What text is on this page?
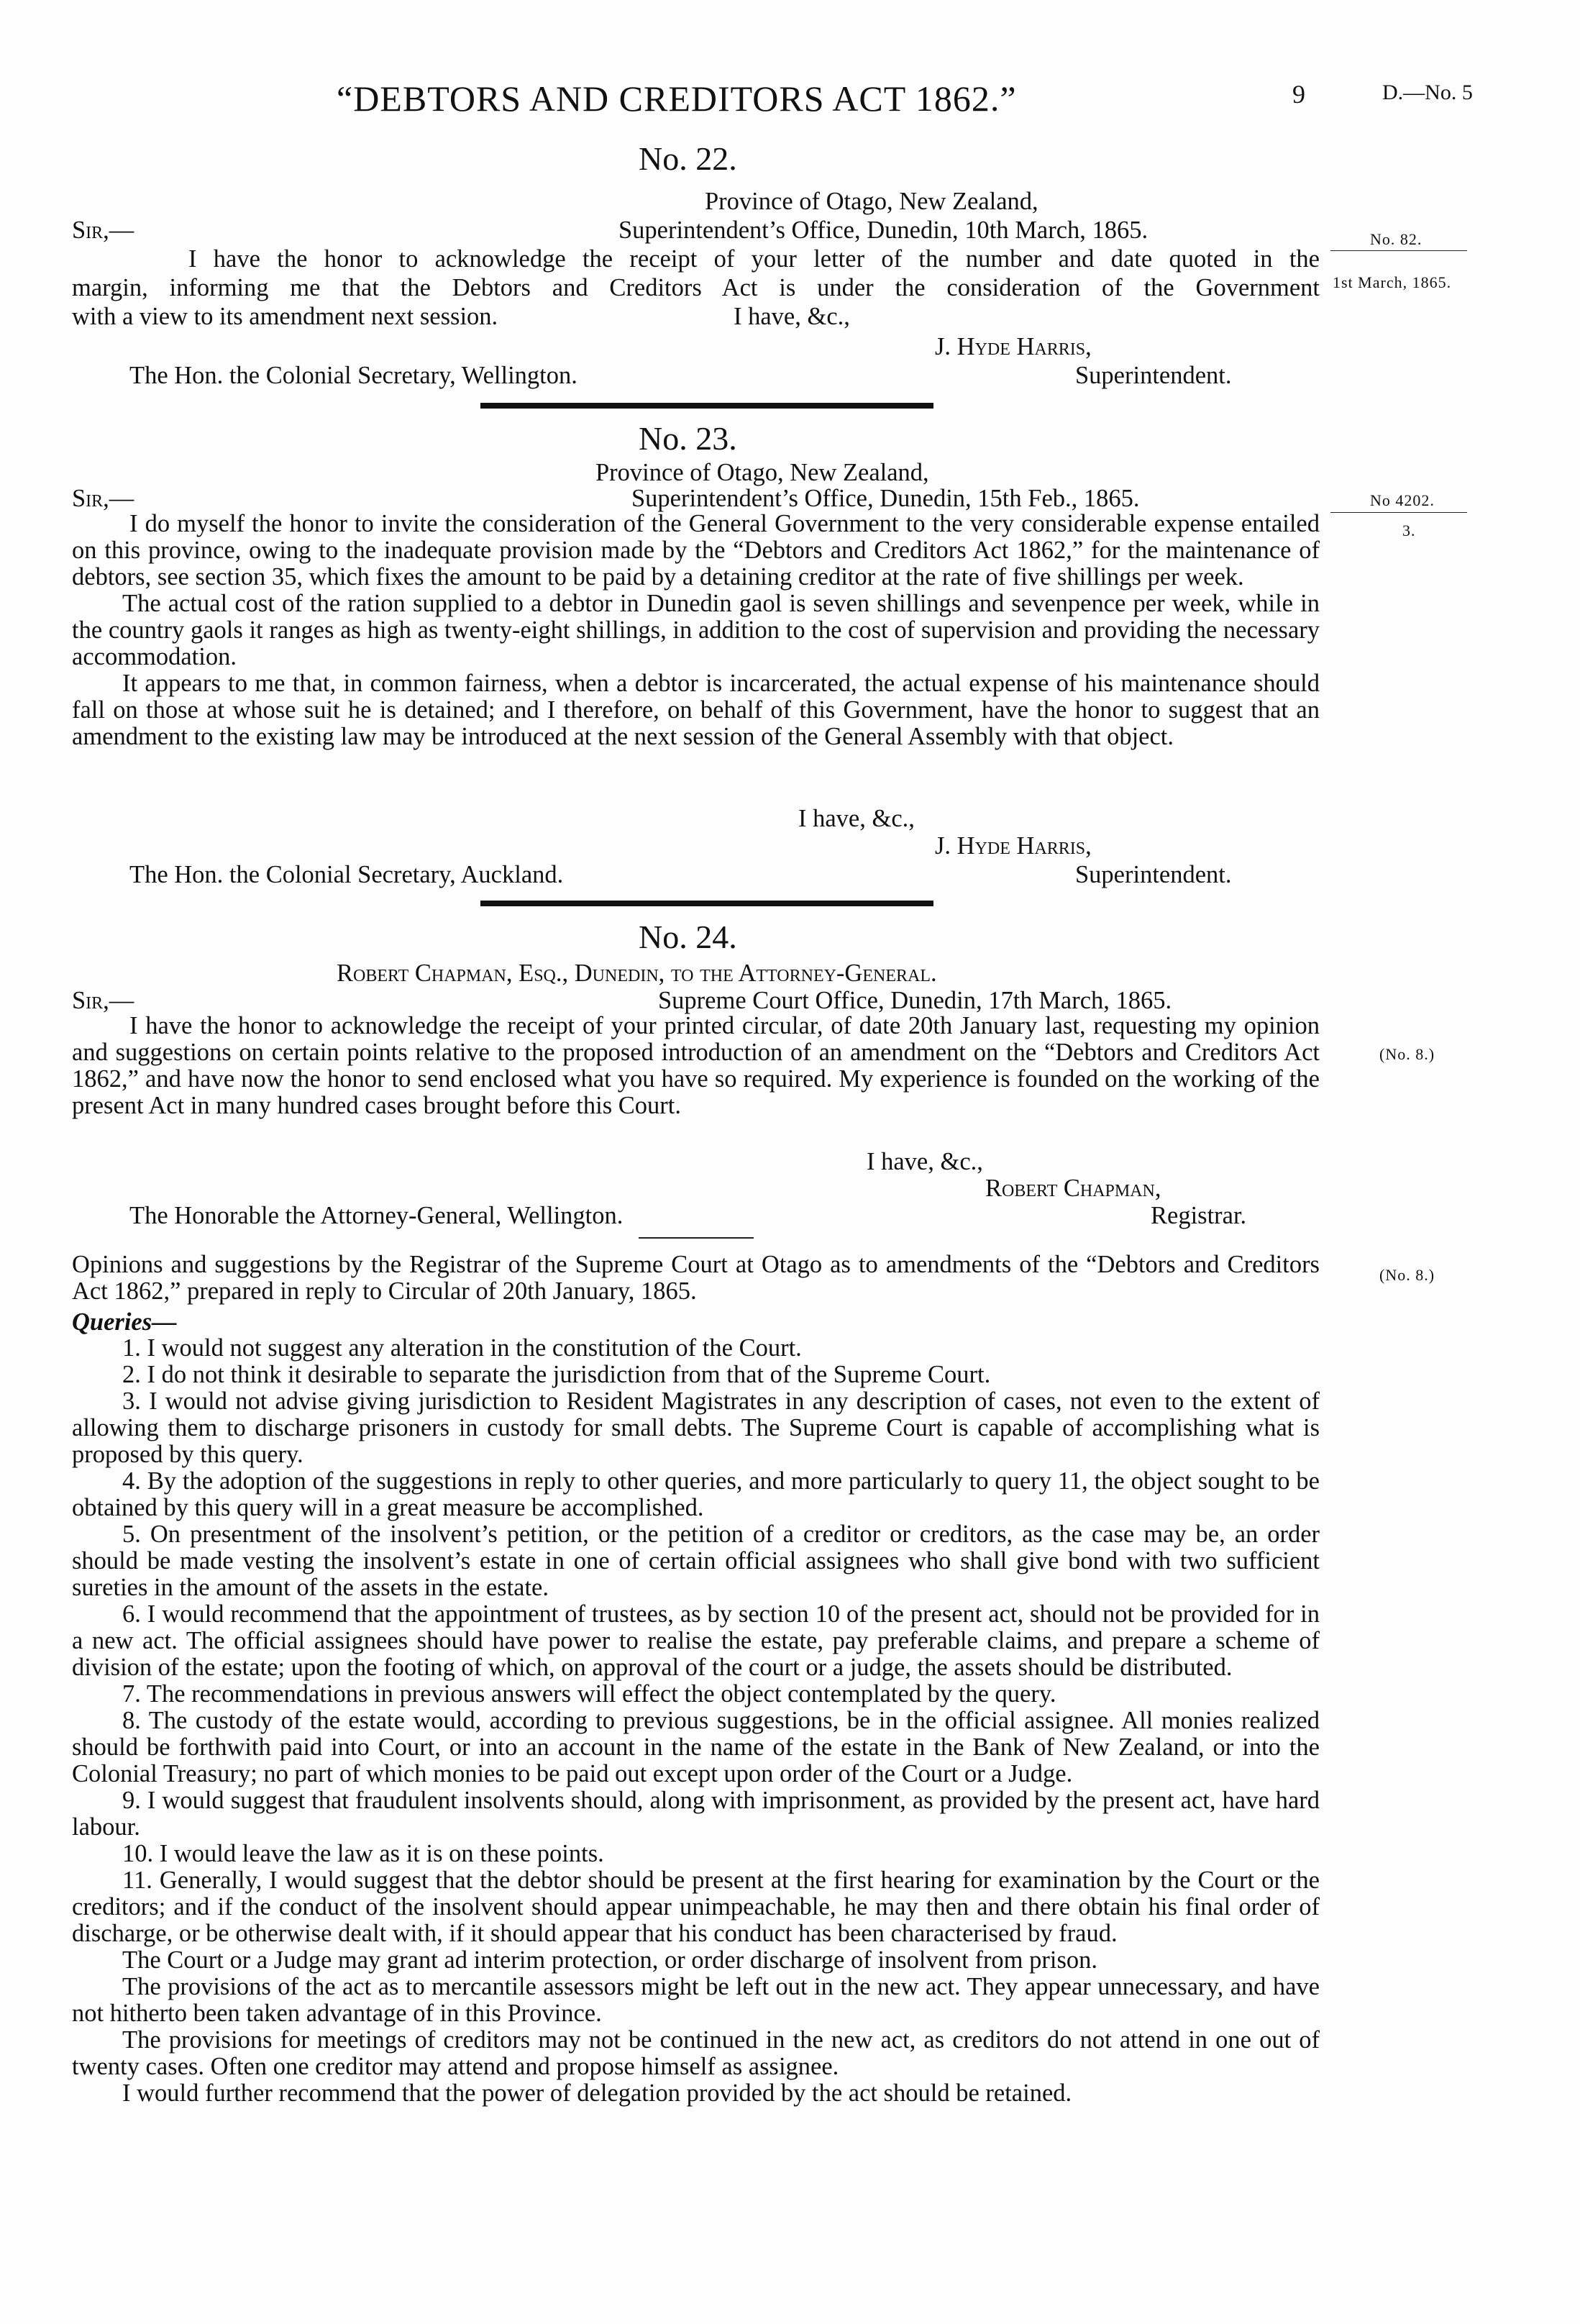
“DEBTORS AND CREDITORS ACT 1862.”	9	D.—No. 5
No. 22.
Province of Otago, New Zealand,
Sir,—	Superintendent’s Office, Dunedin, 10th March, 1865.	No. 82.
1st March, 1865.
I have the honor to acknowledge the receipt of your letter of the number and date quoted in the
margin, informing me that the Debtors and Creditors Act is under the consideration of the Government
with a view to its amendment next session.	I have, &c.,
J. Hyde Harris,
The Hon. the Colonial Secretary, Wellington.	Superintendent.
No. 23.
Province of Otago, New Zealand,
Sir,—	Superintendent’s Office, Dunedin, 15th Feb., 1865.	No 4202.
3.

I do myself the honor to invite the consideration of the General Government to the very considerable expense entailed on this province, owing to the inadequate provision made by the “Debtors and Creditors Act 1862,” for the maintenance of debtors, see section 35, which fixes the amount to be paid by a detaining creditor at the rate of five shillings per week.

The actual cost of the ration supplied to a debtor in Dunedin gaol is seven shillings and sevenpence per week, while in the country gaols it ranges as high as twenty-eight shillings, in addition to the cost of supervision and providing the necessary accommodation.

It appears to me that, in common fairness, when a debtor is incarcerated, the actual expense of his maintenance should fall on those at whose suit he is detained; and I therefore, on behalf of this Government, have the honor to suggest that an amendment to the existing law may be introduced at the next session of the General Assembly with that object.

I have, &c.,
J. Hyde Harris,
The Hon. the Colonial Secretary, Auckland.	Superintendent.
No. 24.
Robert Chapman, Esq., Dunedin, to the Attorney-General.
Sir,—	Supreme Court Office, Dunedin, 17th March, 1865.
(No. 8.)

I have the honor to acknowledge the receipt of your printed circular, of date 20th January last, requesting my opinion and suggestions on certain points relative to the proposed introduction of an amendment on the “Debtors and Creditors Act 1862,” and have now the honor to send enclosed what you have so required. My experience is founded on the working of the present Act in many hundred cases brought before this Court.

I have, &c.,
Robert Chapman,
The Honorable the Attorney-General, Wellington.	Registrar.

Opinions and suggestions by the Registrar of the Supreme Court at Otago as to amendments of the “Debtors and Creditors Act 1862,” prepared in reply to Circular of 20th January, 1865.

(No. 8.)
Queries—

1. I would not suggest any alteration in the constitution of the Court.

2. I do not think it desirable to separate the jurisdiction from that of the Supreme Court.

3. I would not advise giving jurisdiction to Resident Magistrates in any description of cases, not even to the extent of allowing them to discharge prisoners in custody for small debts. The Supreme Court is capable of accomplishing what is proposed by this query.

4. By the adoption of the suggestions in reply to other queries, and more particularly to query 11, the object sought to be obtained by this query will in a great measure be accomplished.

5. On presentment of the insolvent’s petition, or the petition of a creditor or creditors, as the case may be, an order should be made vesting the insolvent’s estate in one of certain official assignees who shall give bond with two sufficient sureties in the amount of the assets in the estate.

6. I would recommend that the appointment of trustees, as by section 10 of the present act, should not be provided for in a new act. The official assignees should have power to realise the estate, pay preferable claims, and prepare a scheme of division of the estate; upon the footing of which, on approval of the court or a judge, the assets should be distributed.

7. The recommendations in previous answers will effect the object contemplated by the query.

8. The custody of the estate would, according to previous suggestions, be in the official assignee. All monies realized should be forthwith paid into Court, or into an account in the name of the estate in the Bank of New Zealand, or into the Colonial Treasury; no part of which monies to be paid out except upon order of the Court or a Judge.

9. I would suggest that fraudulent insolvents should, along with imprisonment, as provided by the present act, have hard labour.

10. I would leave the law as it is on these points.

11. Generally, I would suggest that the debtor should be present at the first hearing for examination by the Court or the creditors; and if the conduct of the insolvent should appear unimpeachable, he may then and there obtain his final order of discharge, or be otherwise dealt with, if it should appear that his conduct has been characterised by fraud.

The Court or a Judge may grant ad interim protection, or order discharge of insolvent from prison.

The provisions of the act as to mercantile assessors might be left out in the new act. They appear unnecessary, and have not hitherto been taken advantage of in this Province.

The provisions for meetings of creditors may not be continued in the new act, as creditors do not attend in one out of twenty cases. Often one creditor may attend and propose himself as assignee.

I would further recommend that the power of delegation provided by the act should be retained.
